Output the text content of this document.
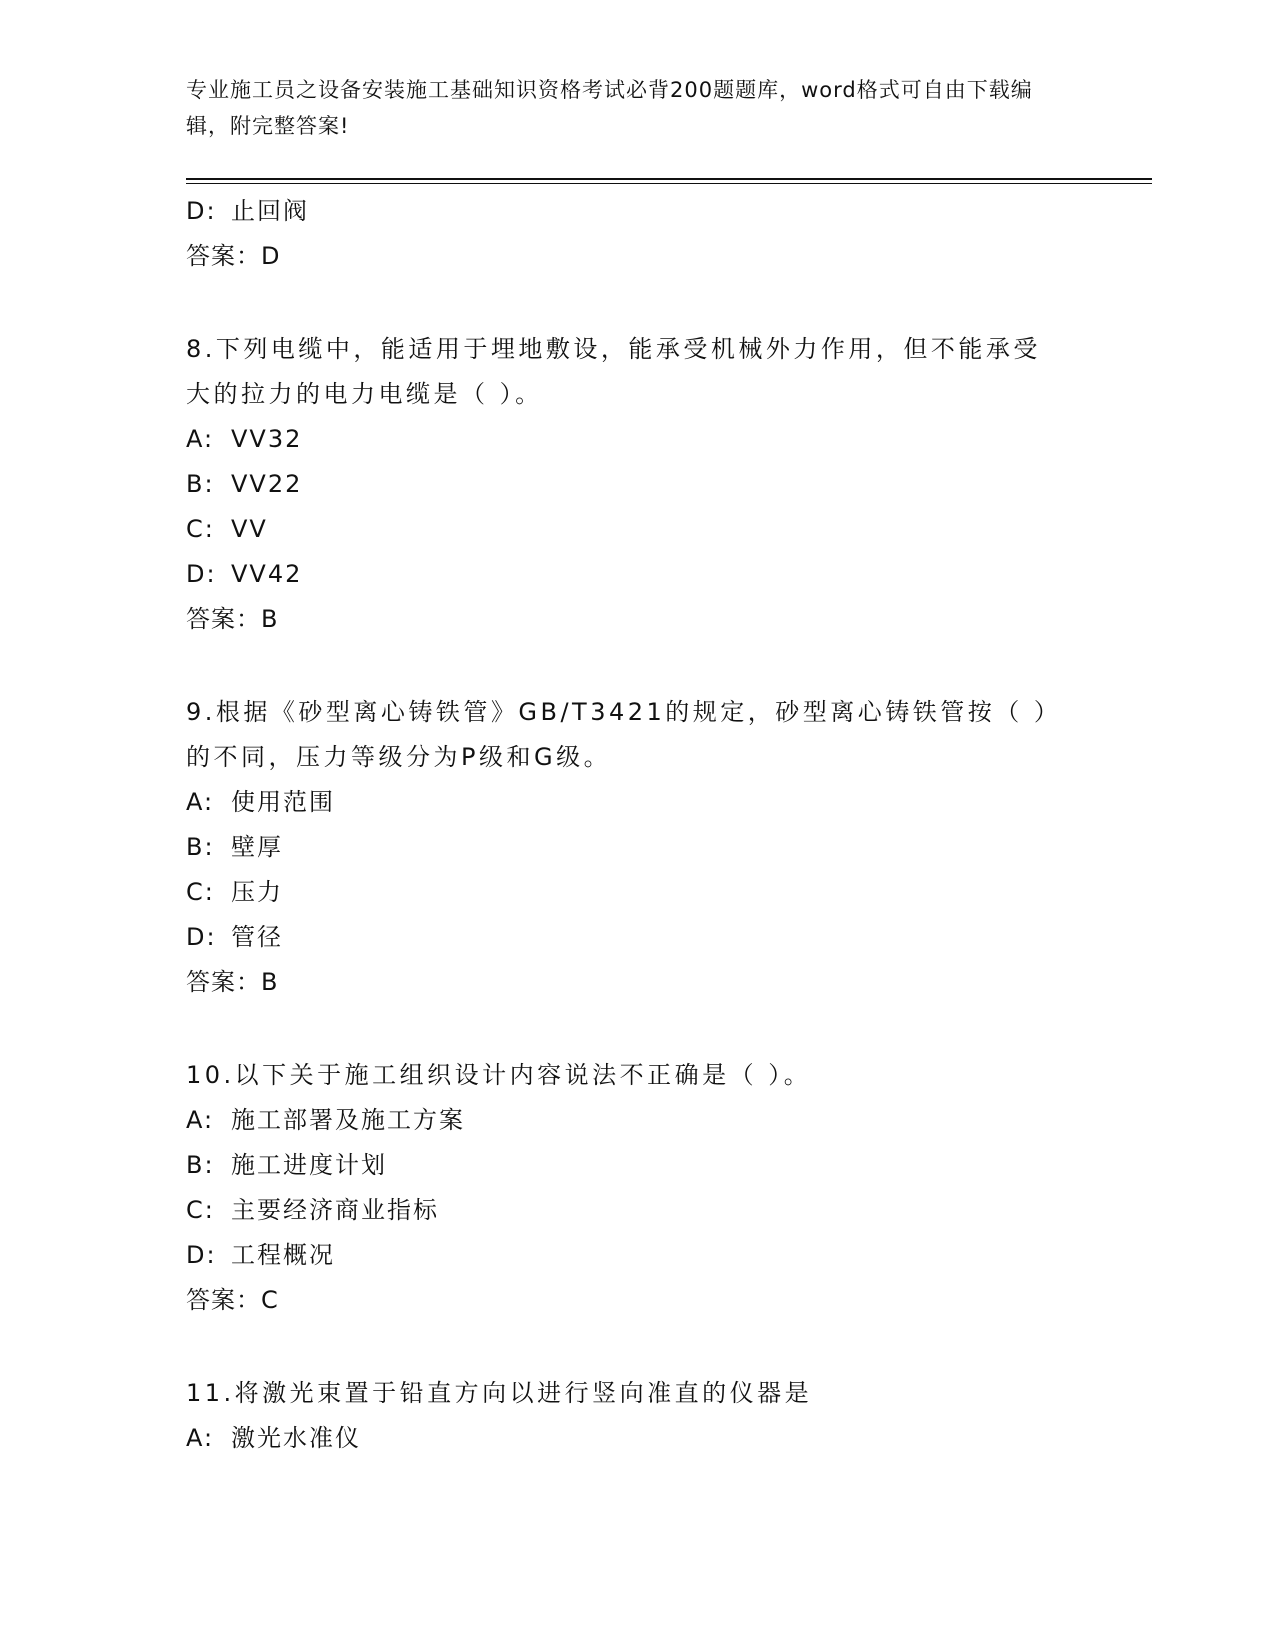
专业施工员之设备安装施工基础知识资格考试必背200题题库，word格式可自由下载编辑，附完整答案!
D: 止回阀
答案：D
8.下列电缆中，能适用于埋地敷设，能承受机械外力作用，但不能承受大的拉力的电力电缆是（ ）。
A: VV32
B: VV22
C: VV
D: VV42
答案：B
9.根据《砂型离心铸铁管》GB/T3421的规定，砂型离心铸铁管按（ ）的不同，压力等级分为P级和G级。
A: 使用范围
B: 壁厚
C: 压力
D: 管径
答案：B
10.以下关于施工组织设计内容说法不正确是（ ）。
A: 施工部署及施工方案
B: 施工进度计划
C: 主要经济商业指标
D: 工程概况
答案：C
11.将激光束置于铅直方向以进行竖向准直的仪器是
A: 激光水准仪
